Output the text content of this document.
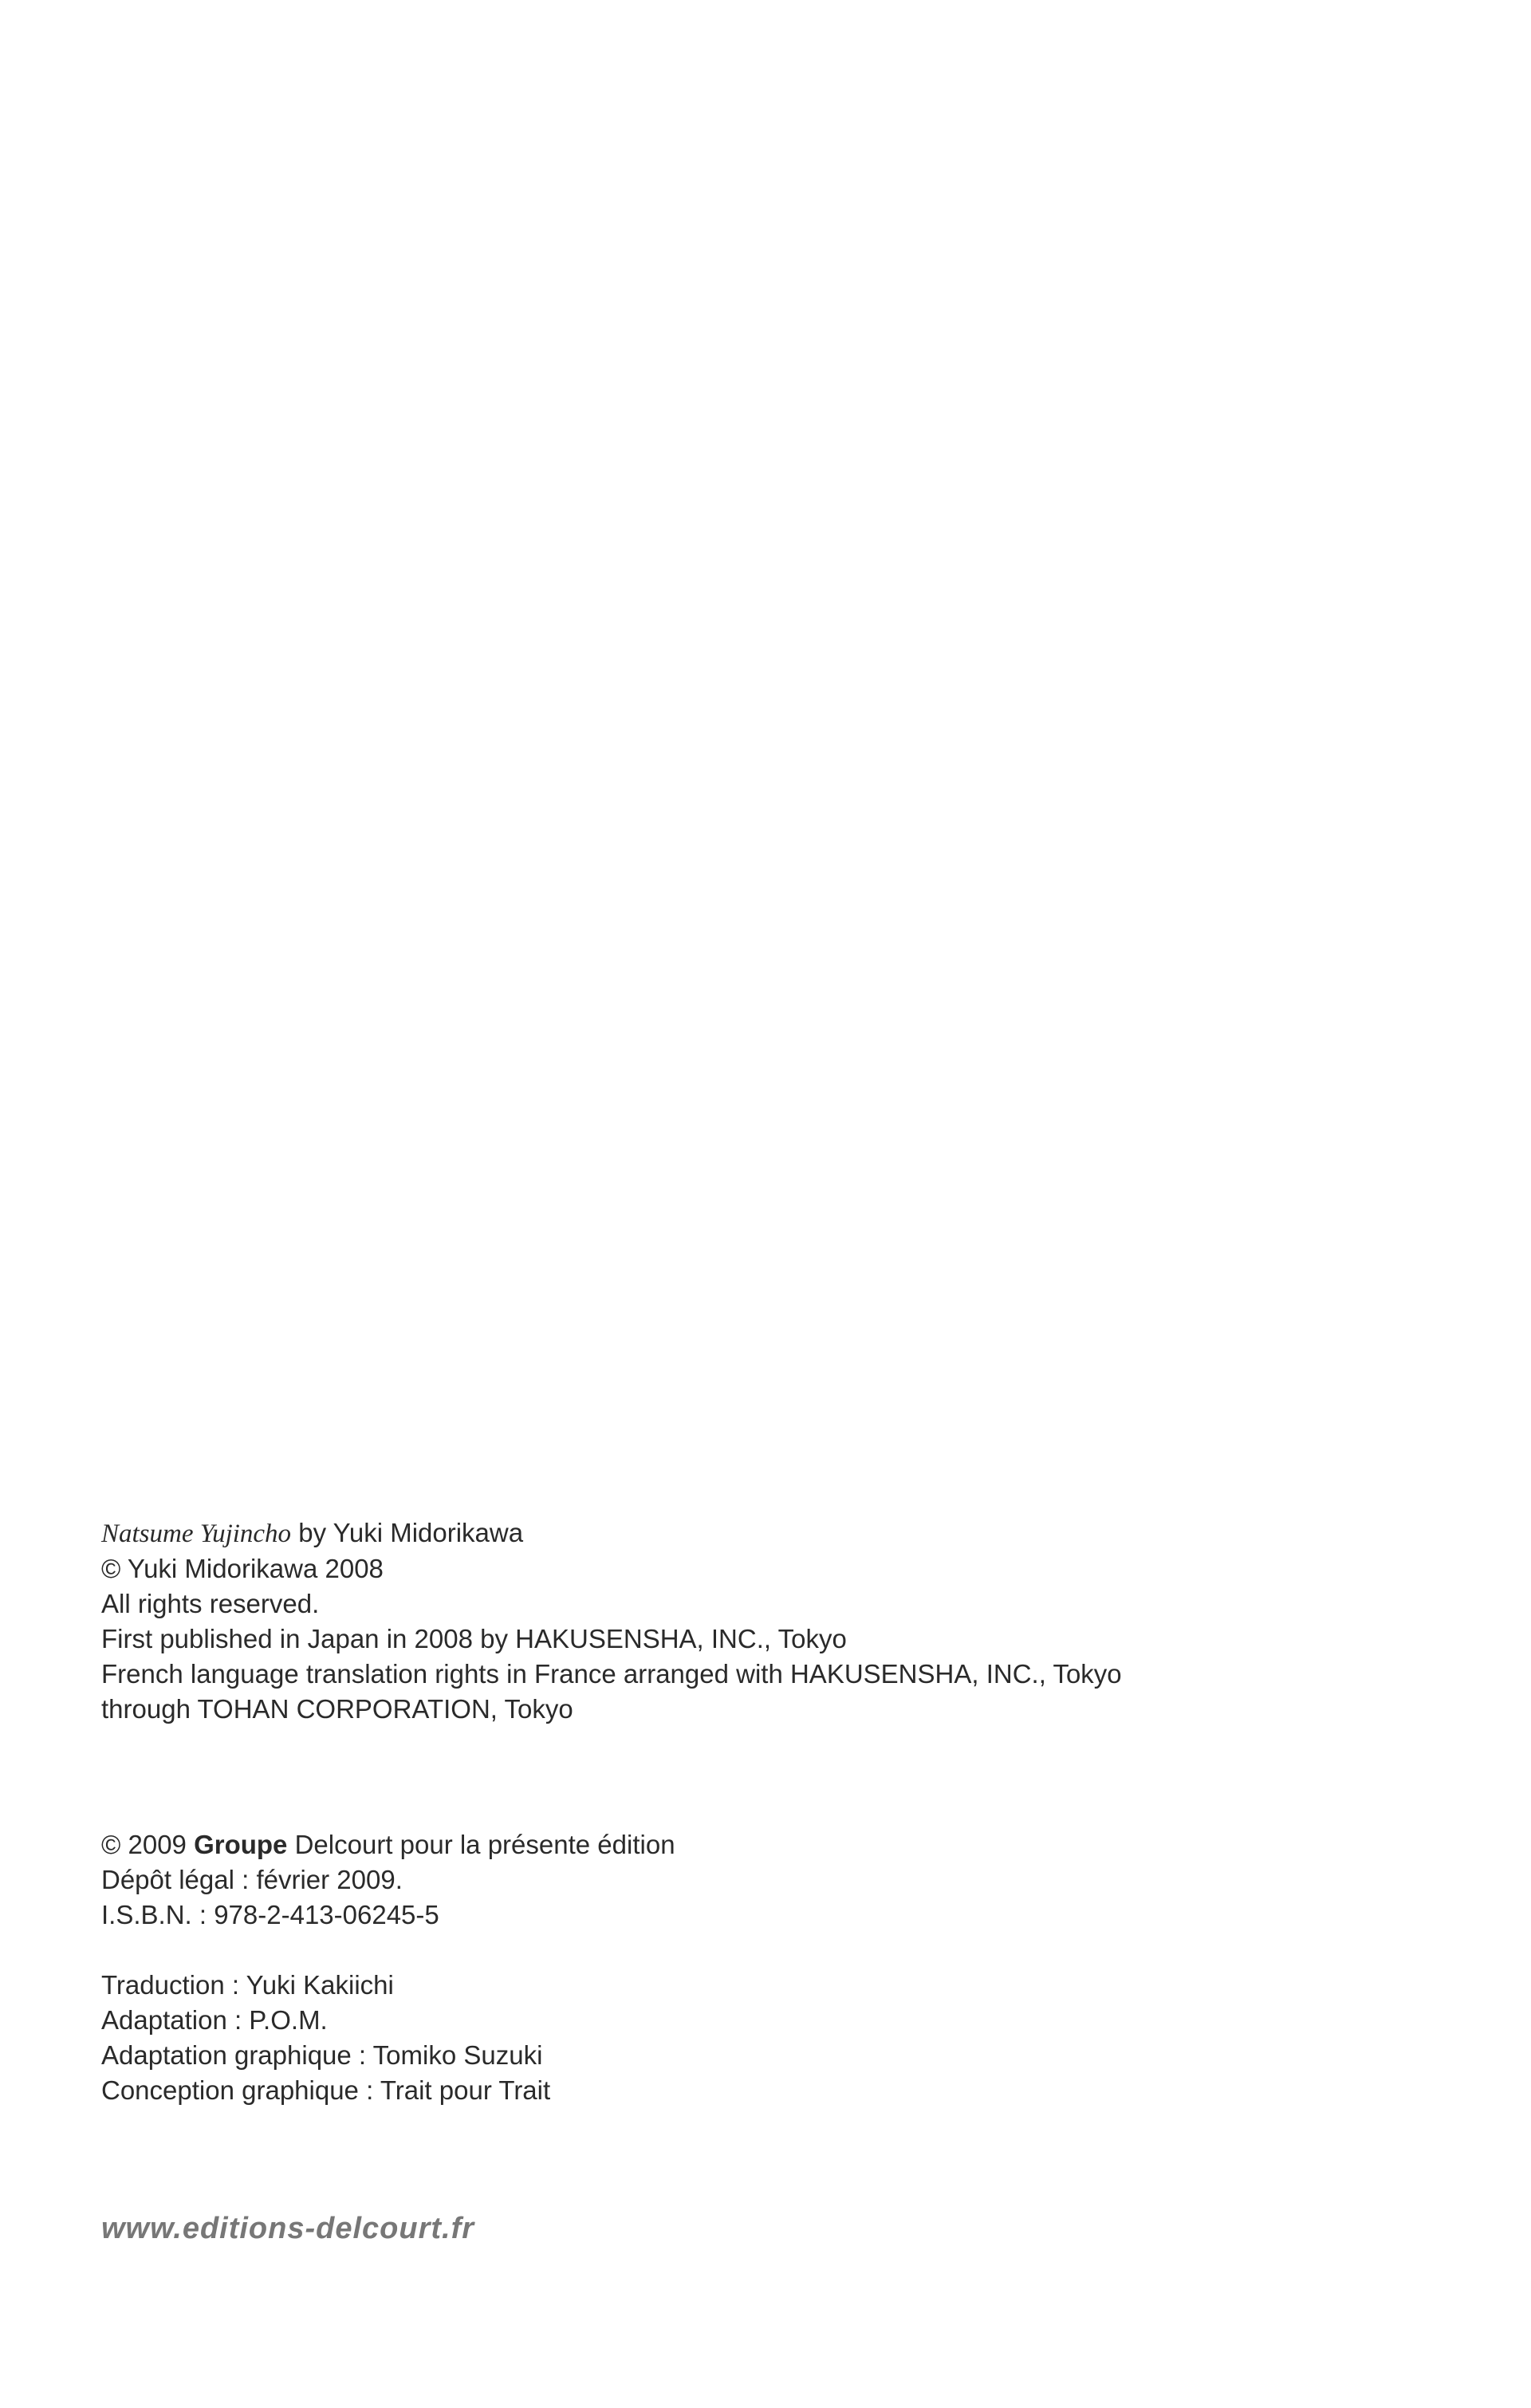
Natsume Yujincho by Yuki Midorikawa

© Yuki Midorikawa 2008

All rights reserved.

First published in Japan in 2008 by HAKUSENSHA, INC., Tokyo

French language translation rights in France arranged with HAKUSENSHA, INC., Tokyo

through TOHAN CORPORATION, Tokyo

© 2009 Groupe Delcourt pour la présente édition

Dépôt légal : février 2009.

I.S.B.N. : 978-2-413-06245-5

Traduction : Yuki Kakiichi

Adaptation : P.O.M.

Adaptation graphique : Tomiko Suzuki

Conception graphique : Trait pour Trait

www.editions-delcourt.fr
